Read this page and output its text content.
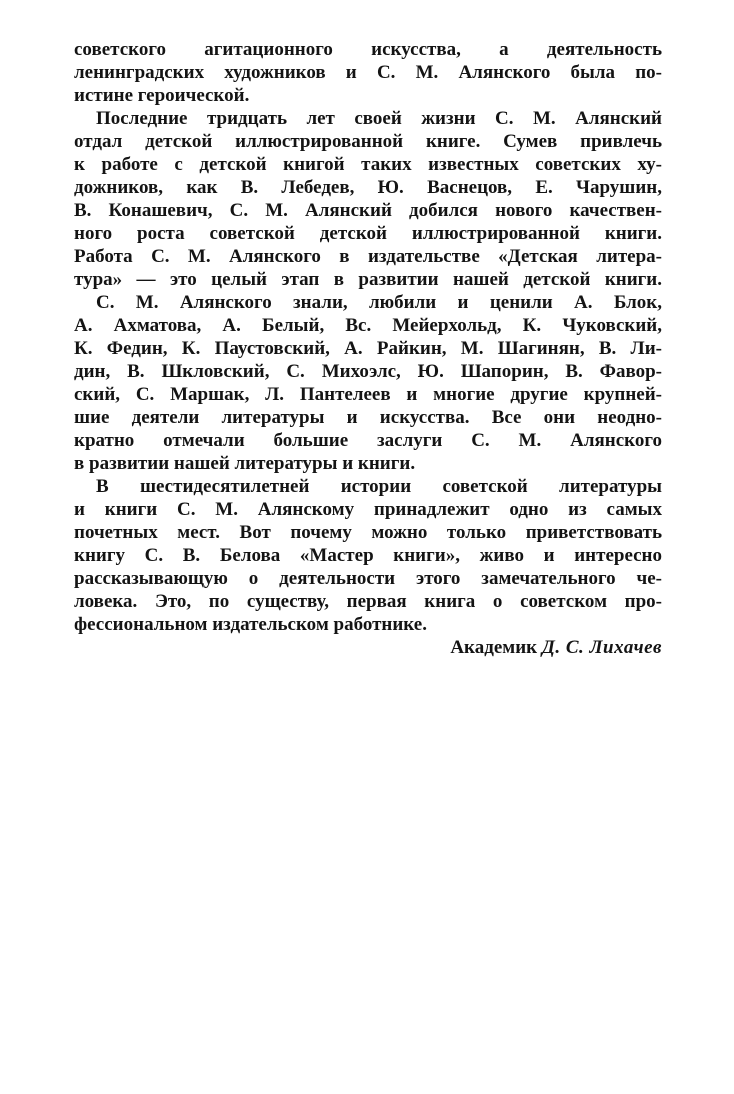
советского агитационного искусства, а деятельность
ленинградских художников и С. М. Алянского была по-
истине героической.
Последние тридцать лет своей жизни С. М. Алянский
отдал детской иллюстрированной книге. Сумев привлечь
к работе с детской книгой таких известных советских ху-
дожников, как В. Лебедев, Ю. Васнецов, Е. Чарушин,
В. Конашевич, С. М. Алянский добился нового качествен-
ного роста советской детской иллюстрированной книги.
Работа С. М. Алянского в издательстве «Детская литера-
тура» — это целый этап в развитии нашей детской книги.
С. М. Алянского знали, любили и ценили А. Блок,
А. Ахматова, А. Белый, Вс. Мейерхольд, К. Чуковский,
К. Федин, К. Паустовский, А. Райкин, М. Шагинян, В. Ли-
дин, В. Шкловский, С. Михоэлс, Ю. Шапорин, В. Фавор-
ский, С. Маршак, Л. Пантелеев и многие другие крупней-
шие деятели литературы и искусства. Все они неодно-
кратно отмечали большие заслуги С. М. Алянского
в развитии нашей литературы и книги.
В шестидесятилетней истории советской литературы
и книги С. М. Алянскому принадлежит одно из самых
почетных мест. Вот почему можно только приветствовать
книгу С. В. Белова «Мастер книги», живо и интересно
рассказывающую о деятельности этого замечательного че-
ловека. Это, по существу, первая книга о советском про-
фессиональном издательском работнике.
Академик Д. С. Лихачев
